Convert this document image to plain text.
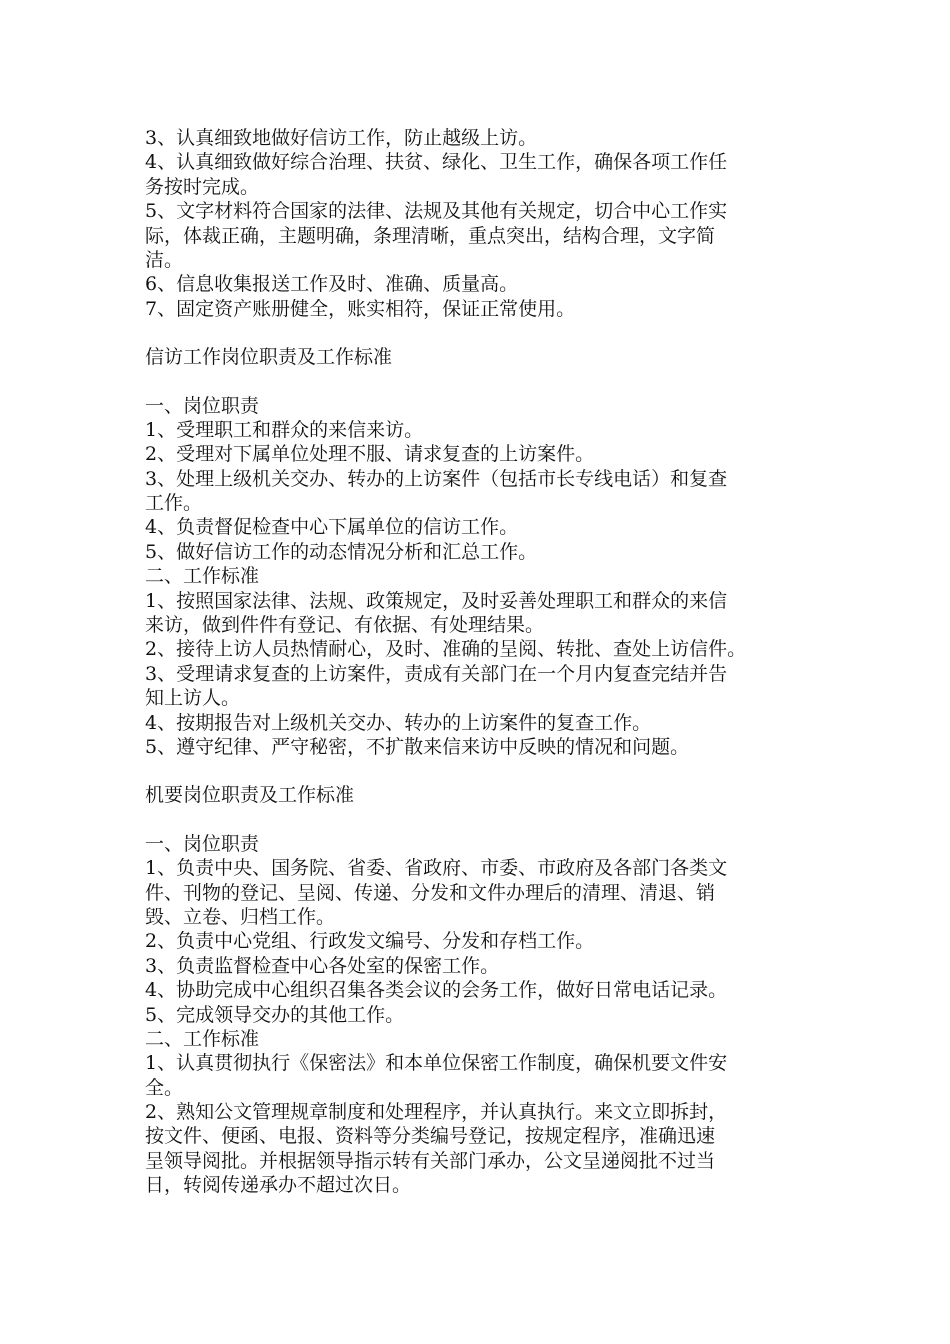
3、认真细致地做好信访工作，防止越级上访。
4、认真细致做好综合治理、扶贫、绿化、卫生工作，确保各项工作任
务按时完成。
5、文字材料符合国家的法律、法规及其他有关规定，切合中心工作实
际，体裁正确，主题明确，条理清晰，重点突出，结构合理，文字简
洁。
6、信息收集报送工作及时、准确、质量高。
7、固定资产账册健全，账实相符，保证正常使用。
信访工作岗位职责及工作标准
一、岗位职责
1、受理职工和群众的来信来访。
2、受理对下属单位处理不服、请求复查的上访案件。
3、处理上级机关交办、转办的上访案件（包括市长专线电话）和复查
工作。
4、负责督促检查中心下属单位的信访工作。
5、做好信访工作的动态情况分析和汇总工作。
二、工作标准
1、按照国家法律、法规、政策规定，及时妥善处理职工和群众的来信
来访，做到件件有登记、有依据、有处理结果。
2、接待上访人员热情耐心，及时、准确的呈阅、转批、查处上访信件。
3、受理请求复查的上访案件，责成有关部门在一个月内复查完结并告
知上访人。
4、按期报告对上级机关交办、转办的上访案件的复查工作。
5、遵守纪律、严守秘密，不扩散来信来访中反映的情况和问题。
机要岗位职责及工作标准
一、岗位职责
1、负责中央、国务院、省委、省政府、市委、市政府及各部门各类文
件、刊物的登记、呈阅、传递、分发和文件办理后的清理、清退、销
毁、立卷、归档工作。
2、负责中心党组、行政发文编号、分发和存档工作。
3、负责监督检查中心各处室的保密工作。
4、协助完成中心组织召集各类会议的会务工作，做好日常电话记录。
5、完成领导交办的其他工作。
二、工作标准
1、认真贯彻执行《保密法》和本单位保密工作制度，确保机要文件安
全。
2、熟知公文管理规章制度和处理程序，并认真执行。来文立即拆封，
按文件、便函、电报、资料等分类编号登记，按规定程序，准确迅速
呈领导阅批。并根据领导指示转有关部门承办，公文呈递阅批不过当
日，转阅传递承办不超过次日。
